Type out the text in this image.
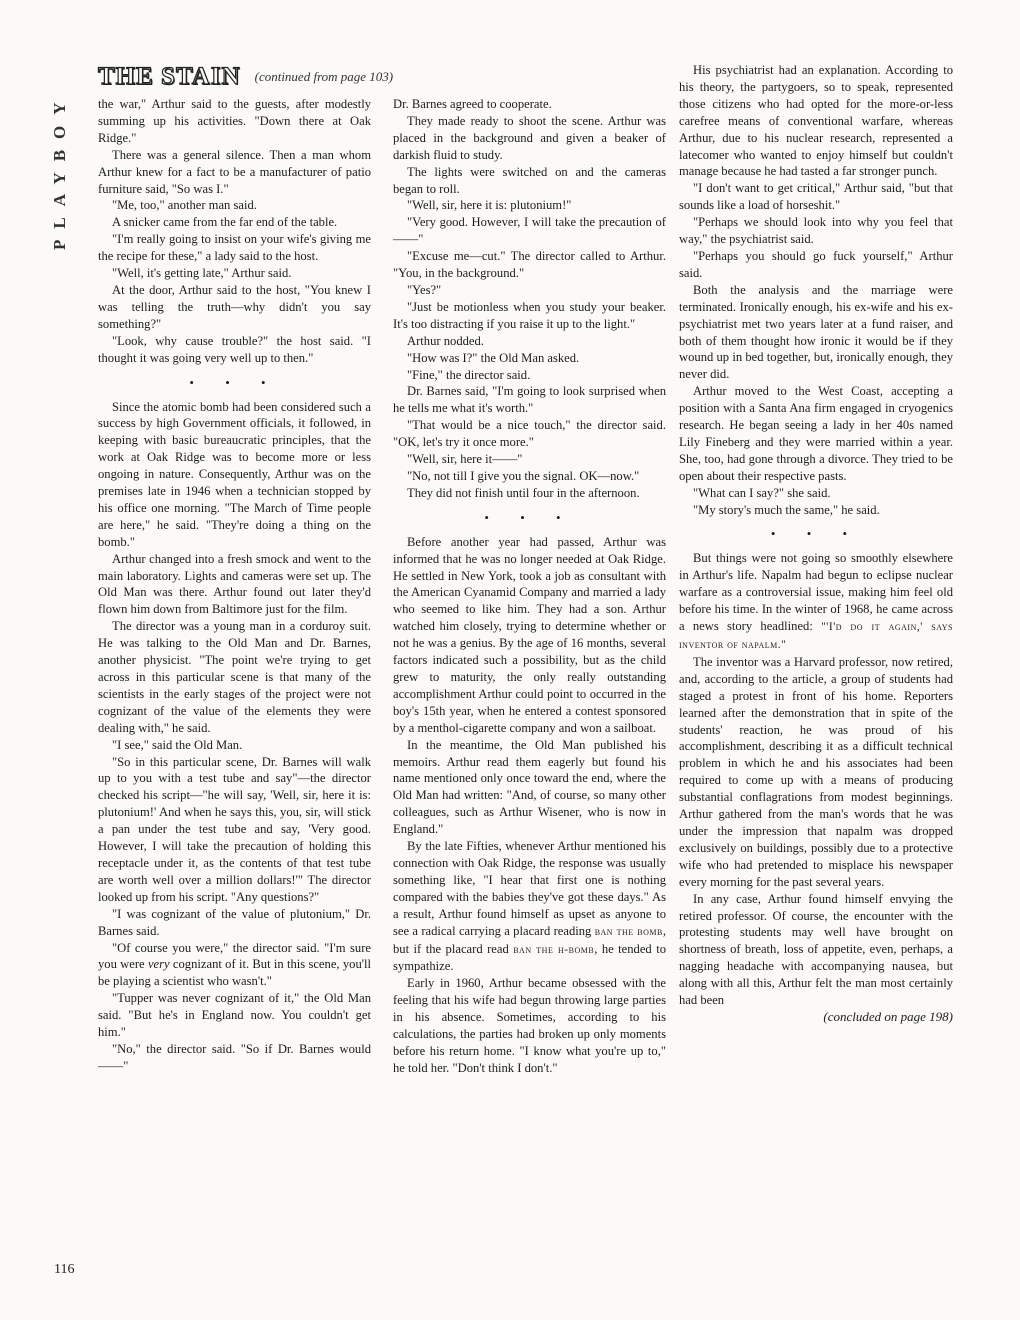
PLAYBOY
THE STAIN (continued from page 103)

the war," Arthur said to the guests, after modestly summing up his activities. "Down there at Oak Ridge."

There was a general silence. Then a man whom Arthur knew for a fact to be a manufacturer of patio furniture said, "So was I."

"Me, too," another man said.

A snicker came from the far end of the table.

"I'm really going to insist on your wife's giving me the recipe for these," a lady said to the host.

"Well, it's getting late," Arthur said.

At the door, Arthur said to the host, "You knew I was telling the truth—why didn't you say something?"

"Look, why cause trouble?" the host said. "I thought it was going very well up to then."

• • •

Since the atomic bomb had been considered such a success by high Government officials, it followed, in keeping with basic bureaucratic principles, that the work at Oak Ridge was to become more or less ongoing in nature. Consequently, Arthur was on the premises late in 1946 when a technician stopped by his office one morning. "The March of Time people are here," he said. "They're doing a thing on the bomb."

Arthur changed into a fresh smock and went to the main laboratory. Lights and cameras were set up. The Old Man was there. Arthur found out later they'd flown him down from Baltimore just for the film.

The director was a young man in a corduroy suit. He was talking to the Old Man and Dr. Barnes, another physicist. "The point we're trying to get across in this particular scene is that many of the scientists in the early stages of the project were not cognizant of the value of the elements they were dealing with," he said.

"I see," said the Old Man.

"So in this particular scene, Dr. Barnes will walk up to you with a test tube and say"—the director checked his script—"he will say, 'Well, sir, here it is: plutonium!' And when he says this, you, sir, will stick a pan under the test tube and say, 'Very good. However, I will take the precaution of holding this receptacle under it, as the contents of that test tube are worth well over a million dollars!'" The director looked up from his script. "Any questions?"

"I was cognizant of the value of plutonium," Dr. Barnes said.

"Of course you were," the director said. "I'm sure you were very cognizant of it. But in this scene, you'll be playing a scientist who wasn't."

"Tupper was never cognizant of it," the Old Man said. "But he's in England now. You couldn't get him."

"No," the director said. "So if Dr. Barnes would——"

Dr. Barnes agreed to cooperate.

They made ready to shoot the scene. Arthur was placed in the background and given a beaker of darkish fluid to study.

The lights were switched on and the cameras began to roll.

"Well, sir, here it is: plutonium!"

"Very good. However, I will take the precaution of——"

"Excuse me—cut." The director called to Arthur. "You, in the background."

"Yes?"

"Just be motionless when you study your beaker. It's too distracting if you raise it up to the light."

Arthur nodded.

"How was I?" the Old Man asked.

"Fine," the director said.

Dr. Barnes said, "I'm going to look surprised when he tells me what it's worth."

"That would be a nice touch," the director said. "OK, let's try it once more."

"Well, sir, here it——"

"No, not till I give you the signal. OK—now."

They did not finish until four in the afternoon.

• • •

Before another year had passed, Arthur was informed that he was no longer needed at Oak Ridge. He settled in New York, took a job as consultant with the American Cyanamid Company and married a lady who seemed to like him. They had a son. Arthur watched him closely, trying to determine whether or not he was a genius. By the age of 16 months, several factors indicated such a possibility, but as the child grew to maturity, the only really outstanding accomplishment Arthur could point to occurred in the boy's 15th year, when he entered a contest sponsored by a menthol-cigarette company and won a sailboat.

In the meantime, the Old Man published his memoirs. Arthur read them eagerly but found his name mentioned only once toward the end, where the Old Man had written: "And, of course, so many other colleagues, such as Arthur Wisener, who is now in England."

By the late Fifties, whenever Arthur mentioned his connection with Oak Ridge, the response was usually something like, "I hear that first one is nothing compared with the babies they've got these days." As a result, Arthur found himself as upset as anyone to see a radical carrying a placard reading ban the bomb, but if the placard read ban the h-bomb, he tended to sympathize.

Early in 1960, Arthur became obsessed with the feeling that his wife had begun throwing large parties in his absence. Sometimes, according to his calculations, the parties had broken up only moments before his return home. "I know what you're up to," he told her. "Don't think I don't."

His psychiatrist had an explanation. According to his theory, the partygoers, so to speak, represented those citizens who had opted for the more-or-less carefree means of conventional warfare, whereas Arthur, due to his nuclear research, represented a latecomer who wanted to enjoy himself but couldn't manage because he had tasted a far stronger punch.

"I don't want to get critical," Arthur said, "but that sounds like a load of horseshit."

"Perhaps we should look into why you feel that way," the psychiatrist said.

"Perhaps you should go fuck yourself," Arthur said.

Both the analysis and the marriage were terminated. Ironically enough, his ex-wife and his ex-psychiatrist met two years later at a fund raiser, and both of them thought how ironic it would be if they wound up in bed together, but, ironically enough, they never did.

Arthur moved to the West Coast, accepting a position with a Santa Ana firm engaged in cryogenics research. He began seeing a lady in her 40s named Lily Fineberg and they were married within a year. She, too, had gone through a divorce. They tried to be open about their respective pasts.

"What can I say?" she said.

"My story's much the same," he said.

• • •

But things were not going so smoothly elsewhere in Arthur's life. Napalm had begun to eclipse nuclear warfare as a controversial issue, making him feel old before his time. In the winter of 1968, he came across a news story headlined: "'I'd do it again,' says inventor of napalm."

The inventor was a Harvard professor, now retired, and, according to the article, a group of students had staged a protest in front of his home. Reporters learned after the demonstration that in spite of the students' reaction, he was proud of his accomplishment, describing it as a difficult technical problem in which he and his associates had been required to come up with a means of producing substantial conflagrations from modest beginnings. Arthur gathered from the man's words that he was under the impression that napalm was dropped exclusively on buildings, possibly due to a protective wife who had pretended to misplace his newspaper every morning for the past several years.

In any case, Arthur found himself envying the retired professor. Of course, the encounter with the protesting students may well have brought on shortness of breath, loss of appetite, even, perhaps, a nagging headache with accompanying nausea, but along with all this, Arthur felt the man most certainly had been

(concluded on page 198)
116
